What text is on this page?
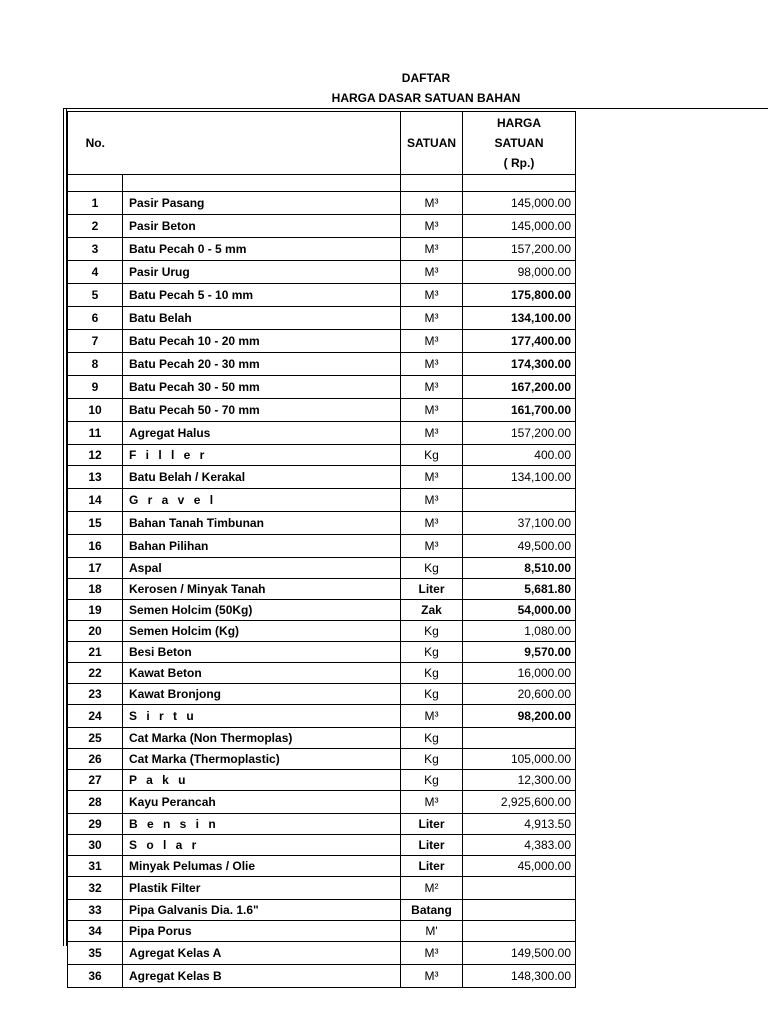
DAFTAR
HARGA DASAR SATUAN BAHAN
No.		SATUAN	HARGA
SATUAN
( Rp.)	

1	Pasir Pasang	M³	145,000.00	
2	Pasir Beton	M³	145,000.00	
3	Batu Pecah 0 - 5 mm	M³	157,200.00	
4	Pasir Urug	M³	98,000.00	
5	Batu Pecah 5 - 10 mm	M³	175,800.00	
6	Batu Belah	M³	134,100.00	
7	Batu Pecah 10 - 20 mm	M³	177,400.00	
8	Batu Pecah 20 - 30 mm	M³	174,300.00	
9	Batu Pecah 30 - 50 mm	M³	167,200.00	
10	Batu Pecah 50 - 70 mm	M³	161,700.00	
11	Agregat Halus	M³	157,200.00	
12	F i l l e r	Kg	400.00	
13	Batu Belah / Kerakal	M³	134,100.00	
14	G r a v e l	M³		
15	Bahan Tanah Timbunan	M³	37,100.00	
16	Bahan Pilihan	M³	49,500.00	
17	Aspal	Kg	8,510.00	
18	Kerosen / Minyak Tanah	Liter	5,681.80	
19	Semen Holcim (50Kg)	Zak	54,000.00	
20	Semen Holcim (Kg)	Kg	1,080.00	
21	Besi Beton	Kg	9,570.00	
22	Kawat Beton	Kg	16,000.00	
23	Kawat Bronjong	Kg	20,600.00	
24	S i r t u	M³	98,200.00	
25	Cat Marka (Non Thermoplas)	Kg		
26	Cat Marka (Thermoplastic)	Kg	105,000.00	
27	P a k u	Kg	12,300.00	
28	Kayu Perancah	M³	2,925,600.00	
29	B e n s i n	Liter	4,913.50	
30	S o l a r	Liter	4,383.00	
31	Minyak Pelumas / Olie	Liter	45,000.00	
32	Plastik Filter	M²		
33	Pipa Galvanis Dia. 1.6"	Batang		
34	Pipa Porus	M'		
35	Agregat Kelas A	M³	149,500.00	
36	Agregat Kelas B	M³	148,300.00	
